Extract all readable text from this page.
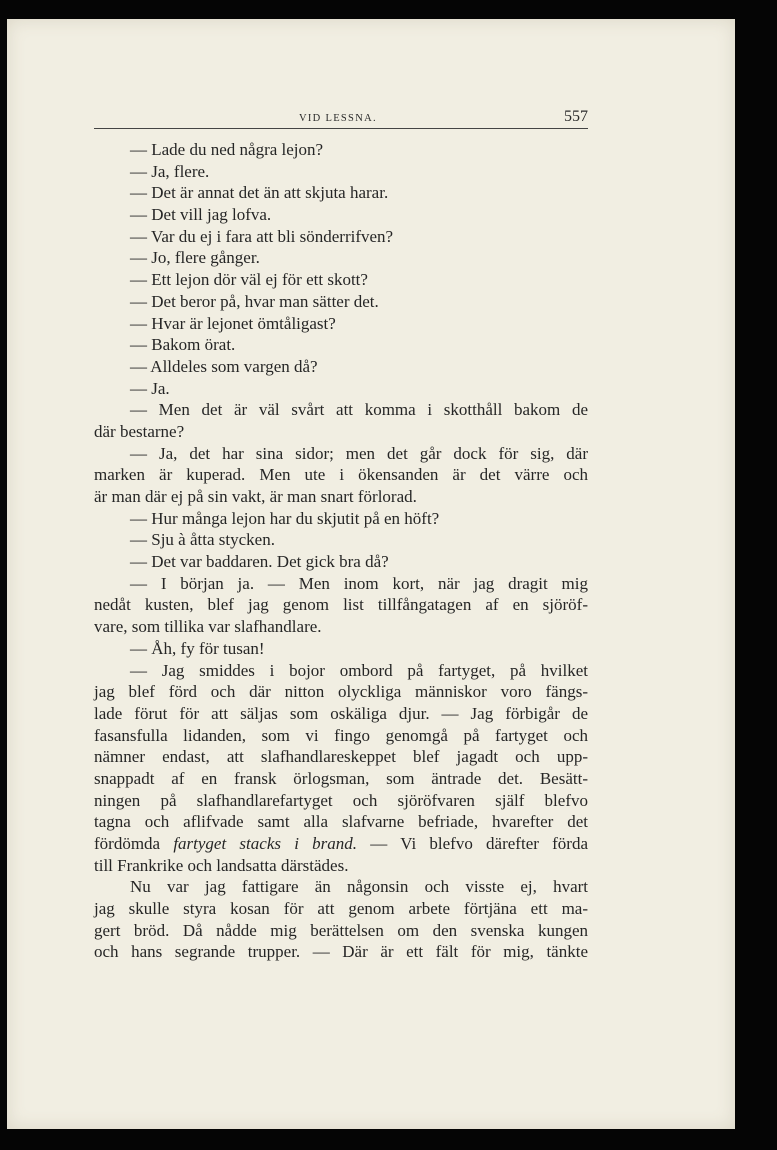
VID LESSNA.	557
— Lade du ned några lejon?
— Ja, flere.
— Det är annat det än att skjuta harar.
— Det vill jag lofva.
— Var du ej i fara att bli sönderrifven?
— Jo, flere gånger.
— Ett lejon dör väl ej för ett skott?
— Det beror på, hvar man sätter det.
— Hvar är lejonet ömtåligast?
— Bakom örat.
— Alldeles som vargen då?
— Ja.
— Men det är väl svårt att komma i skotthåll bakom de
där bestarne?
— Ja, det har sina sidor; men det går dock för sig, där
marken är kuperad. Men ute i ökensanden är det värre och
är man där ej på sin vakt, är man snart förlorad.
— Hur många lejon har du skjutit på en höft?
— Sju à åtta stycken.
— Det var baddaren. Det gick bra då?
— I början ja. — Men inom kort, när jag dragit mig
nedåt kusten, blef jag genom list tillfångatagen af en sjöröf-
vare, som tillika var slafhandlare.
— Åh, fy för tusan!
— Jag smiddes i bojor ombord på fartyget, på hvilket
jag blef förd och där nitton olyckliga människor voro fängs-
lade förut för att säljas som oskäliga djur. — Jag förbigår de
fasansfulla lidanden, som vi fingo genomgå på fartyget och
nämner endast, att slafhandlareskeppet blef jagadt och upp-
snappadt af en fransk örlogsman, som äntrade det. Besätt-
ningen på slafhandlarefartyget och sjöröfvaren själf blefvo
tagna och aflifvade samt alla slafvarne befriade, hvarefter det
fördömda fartyget stacks i brand. — Vi blefvo därefter förda
till Frankrike och landsatta därstädes.
Nu var jag fattigare än någonsin och visste ej, hvart
jag skulle styra kosan för att genom arbete förtjäna ett ma-
gert bröd. Då nådde mig berättelsen om den svenska kungen
och hans segrande trupper. — Där är ett fält för mig, tänkte
